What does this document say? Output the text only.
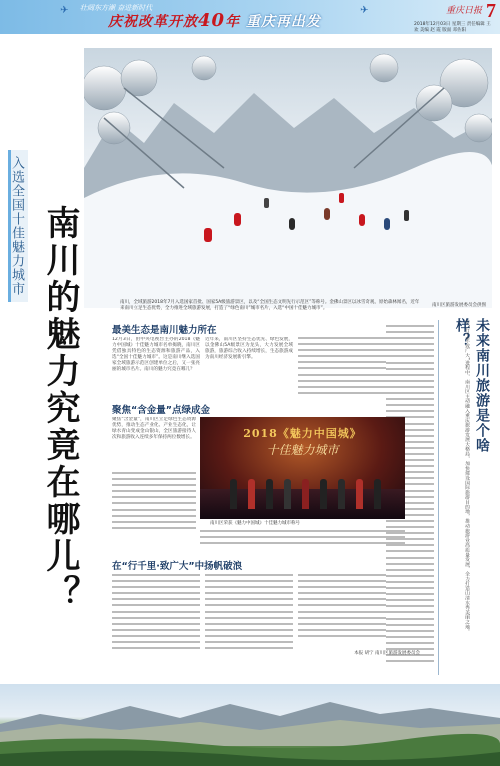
壮阔东方潮 奋进新时代
✈	✈
庆祝改革开放40年 重庆再出发
重庆日报 7
2018年12月03日 星期三 责任编辑 王 欢 美编 赵 霞 版面 邓佐阳
南川，全域旅游2018年7月入选国家首批、国家5A级旅游景区，以及“全国生态文明先行示范区”等称号。金佛山景区以冰雪奇观、原始森林闻名，近年来南川立足生态优势，全力推进全域旅游发展，打造了“绿色南川”城市名片，入选“中国十佳魅力城市”。
南川区旅游发展委员会供图
入选全国十佳魅力城市 南川的魅力究竟在哪儿？	未来南川旅游是个啥样？
在“行千里·致广大”进程中，南川区主动融入重庆旅游发展大格局，加快建设国际旅游目的地，推动旅游业高质量发展，全力打造山清水秀美丽之地。
最美生态是南川魅力所在
12月3日，由中央电视台主办的2018《魅力中国城》十佳魅力城市名单揭晓，南川区凭借独具特色的生态资源和旅游产品，入选“全国十佳魅力城市”。这是南川继入选国家全域旅游示范区创建单位之后，又一张亮丽的城市名片。南川的魅力究竟在哪儿？
近年来，南川区坚持生态优先、绿色发展，以金佛山5A级景区为龙头，大力发展全域旅游，旅游综合收入持续增长，生态旅游成为南川经济发展新引擎。
聚焦“含金量”点绿成金
聚焦“含金量”，南川区立足绿色生态资源优势，推动生态产业化、产业生态化，让绿水青山变成金山银山，全区旅游接待人次和旅游收入连续多年保持两位数增长。	2018《魅力中国城》
十佳魅力城市
南川区荣获《魅力中国城》十佳魅力城市称号
在“行千里·致广大”中扬帆破浪
本报 胡宁 南川区旅游发展委员会
